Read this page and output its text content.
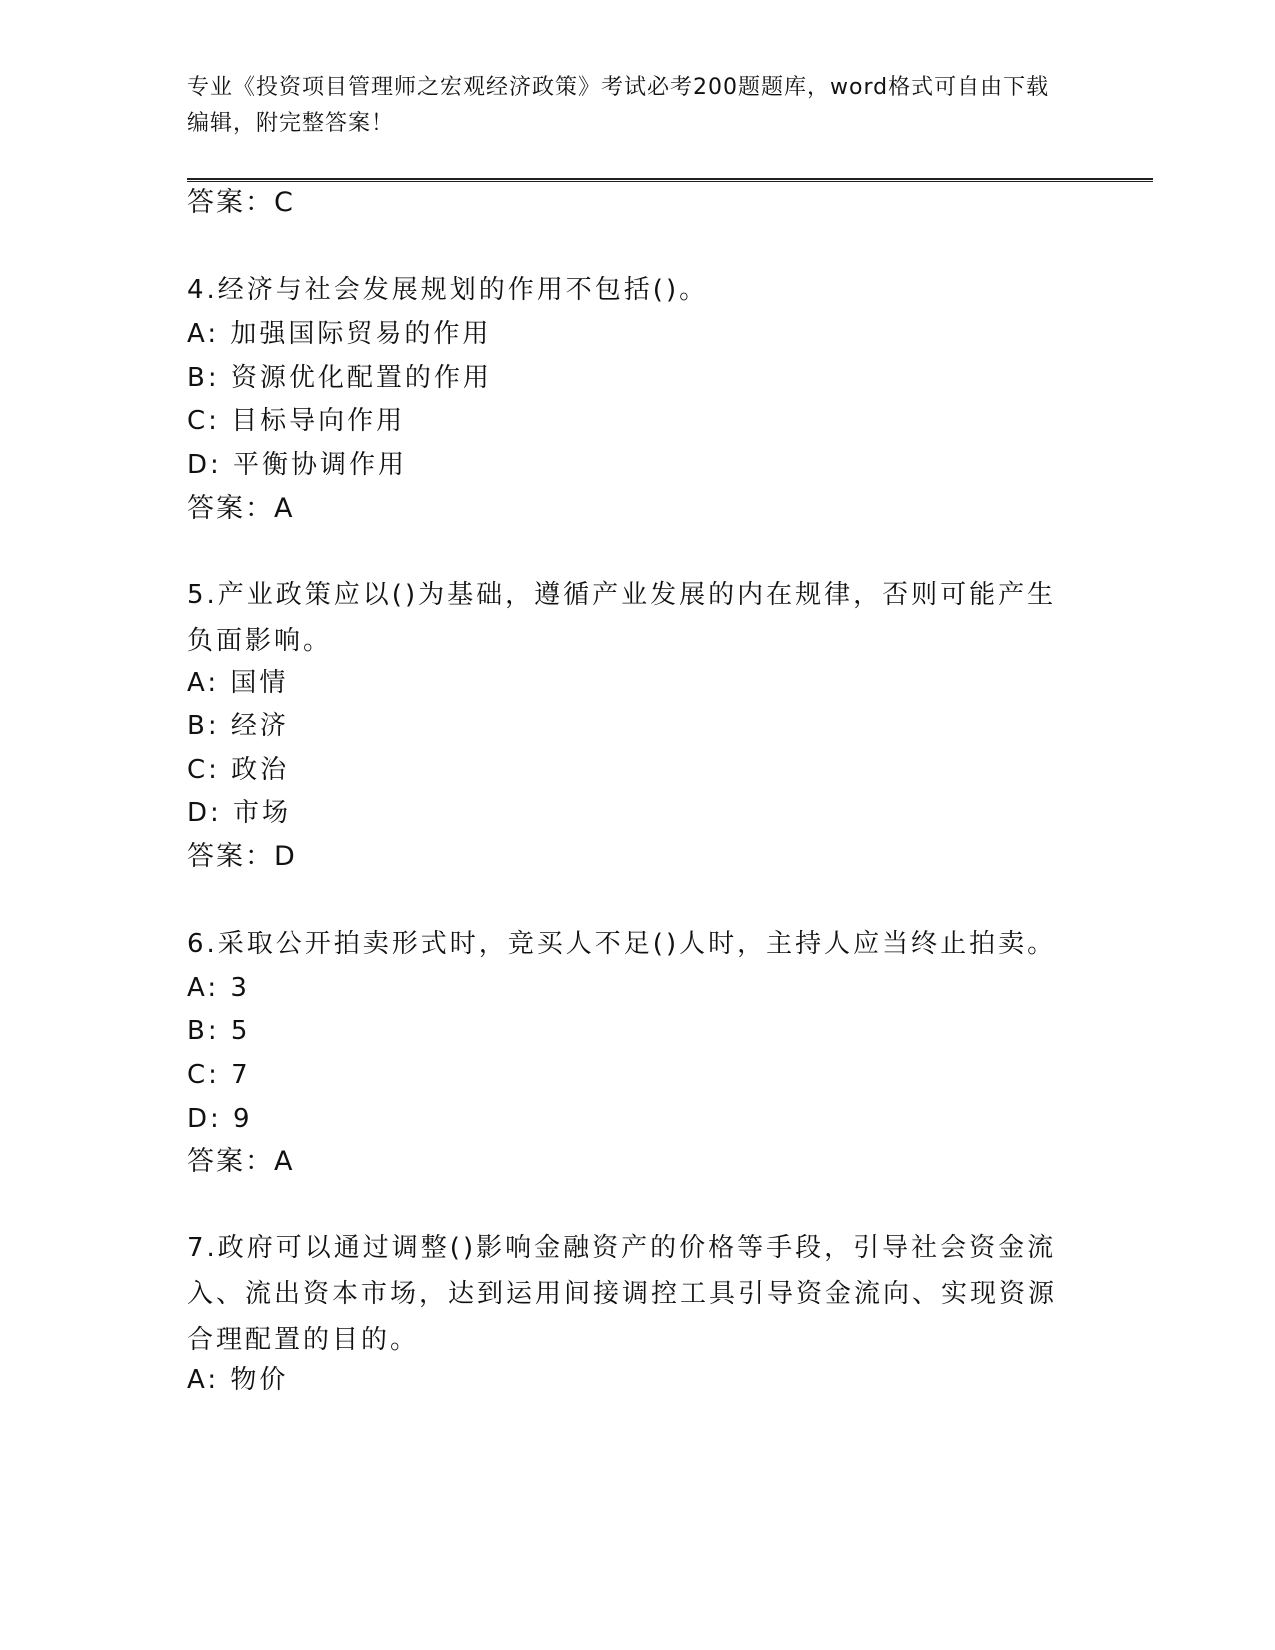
专业《投资项目管理师之宏观经济政策》考试必考200题题库，word格式可自由下载编辑，附完整答案！
答案：C
4.经济与社会发展规划的作用不包括()。
A: 加强国际贸易的作用
B: 资源优化配置的作用
C: 目标导向作用
D: 平衡协调作用
答案：A
5.产业政策应以()为基础，遵循产业发展的内在规律，否则可能产生负面影响。
A: 国情
B: 经济
C: 政治
D: 市场
答案：D
6.采取公开拍卖形式时，竞买人不足()人时，主持人应当终止拍卖。
A: 3
B: 5
C: 7
D: 9
答案：A
7.政府可以通过调整()影响金融资产的价格等手段，引导社会资金流入、流出资本市场，达到运用间接调控工具引导资金流向、实现资源合理配置的目的。
A: 物价
